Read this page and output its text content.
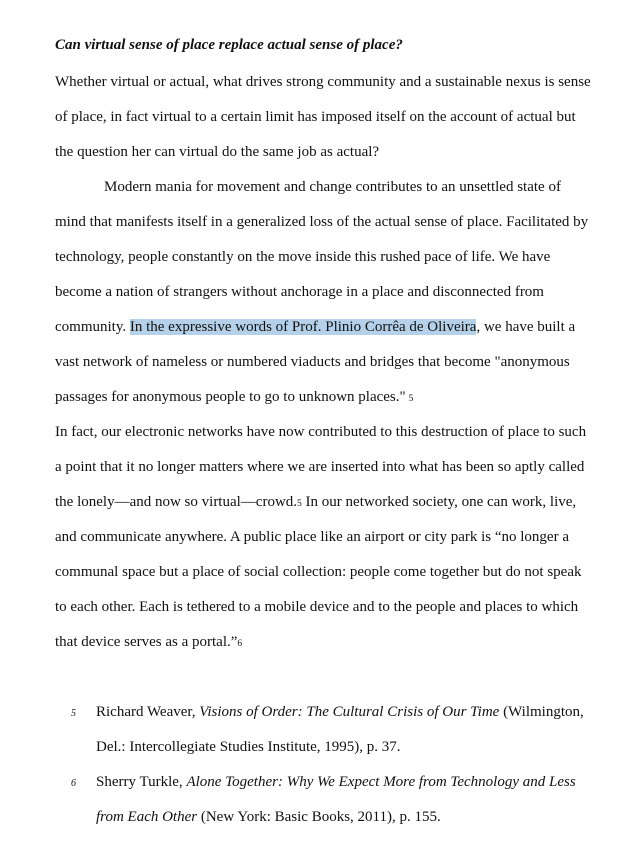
Can virtual sense of place replace actual sense of place?
Whether virtual or actual, what drives strong community and a sustainable nexus is sense
of place, in fact virtual to a certain limit has imposed itself on the account of actual but
the question her can virtual do the same job as actual?
Modern mania for movement and change contributes to an unsettled state of
mind that manifests itself in a generalized loss of the actual sense of place. Facilitated by
technology, people constantly on the move inside this rushed pace of life. We have
become a nation of strangers without anchorage in a place and disconnected from
community. In the expressive words of Prof. Plinio Corrêa de Oliveira, we have built a
vast network of nameless or numbered viaducts and bridges that become "anonymous
passages for anonymous people to go to unknown places." 5
In fact, our electronic networks have now contributed to this destruction of place to such
a point that it no longer matters where we are inserted into what has been so aptly called
the lonely—and now so virtual—crowd.5 In our networked society, one can work, live,
and communicate anywhere. A public place like an airport or city park is “no longer a
communal space but a place of social collection: people come together but do not speak
to each other. Each is tethered to a mobile device and to the people and places to which
that device serves as a portal.”6
5 Richard Weaver, Visions of Order: The Cultural Crisis of Our Time (Wilmington,
Del.: Intercollegiate Studies Institute, 1995), p. 37.
6 Sherry Turkle, Alone Together: Why We Expect More from Technology and Less
from Each Other (New York: Basic Books, 2011), p. 155.
